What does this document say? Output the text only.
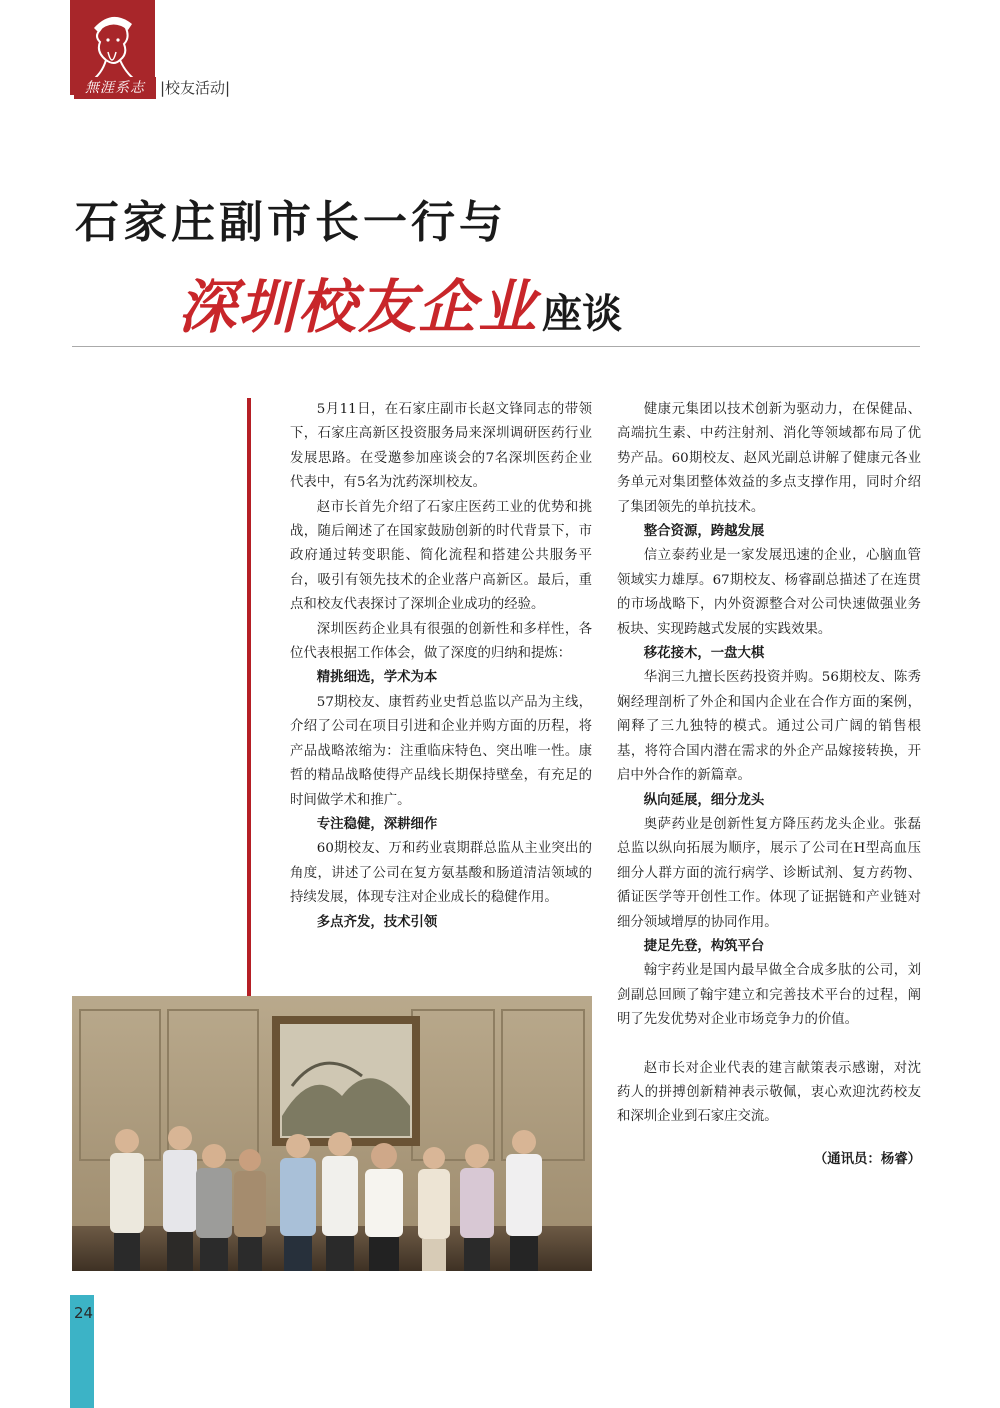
無涯系志	|校友活动|
石家庄副市长一行与
深圳校友企业 座谈

5月11日，在石家庄副市长赵文锋同志的带领下，石家庄高新区投资服务局来深圳调研医药行业发展思路。在受邀参加座谈会的7名深圳医药企业代表中，有5名为沈药深圳校友。

赵市长首先介绍了石家庄医药工业的优势和挑战，随后阐述了在国家鼓励创新的时代背景下，市政府通过转变职能、简化流程和搭建公共服务平台，吸引有领先技术的企业落户高新区。最后，重点和校友代表探讨了深圳企业成功的经验。

深圳医药企业具有很强的创新性和多样性，各位代表根据工作体会，做了深度的归纳和提炼：

精挑细选，学术为本

57期校友、康哲药业史哲总监以产品为主线，介绍了公司在项目引进和企业并购方面的历程，将产品战略浓缩为：注重临床特色、突出唯一性。康哲的精品战略使得产品线长期保持壁垒，有充足的时间做学术和推广。

专注稳健，深耕细作

60期校友、万和药业袁期群总监从主业突出的角度，讲述了公司在复方氨基酸和肠道清洁领域的持续发展，体现专注对企业成长的稳健作用。

多点齐发，技术引领

健康元集团以技术创新为驱动力，在保健品、高端抗生素、中药注射剂、消化等领域都布局了优势产品。60期校友、赵风光副总讲解了健康元各业务单元对集团整体效益的多点支撑作用，同时介绍了集团领先的单抗技术。

整合资源，跨越发展

信立泰药业是一家发展迅速的企业，心脑血管领域实力雄厚。67期校友、杨睿副总描述了在连贯的市场战略下，内外资源整合对公司快速做强业务板块、实现跨越式发展的实践效果。

移花接木，一盘大棋

华润三九擅长医药投资并购。56期校友、陈秀娴经理剖析了外企和国内企业在合作方面的案例，阐释了三九独特的模式。通过公司广阔的销售根基，将符合国内潜在需求的外企产品嫁接转换，开启中外合作的新篇章。

纵向延展，细分龙头

奥萨药业是创新性复方降压药龙头企业。张磊总监以纵向拓展为顺序，展示了公司在H型高血压细分人群方面的流行病学、诊断试剂、复方药物、循证医学等开创性工作。体现了证据链和产业链对细分领域增厚的协同作用。

捷足先登，构筑平台

翰宇药业是国内最早做全合成多肽的公司，刘剑副总回顾了翰宇建立和完善技术平台的过程，阐明了先发优势对企业市场竞争力的价值。

赵市长对企业代表的建言献策表示感谢，对沈药人的拼搏创新精神表示敬佩，衷心欢迎沈药校友和深圳企业到石家庄交流。

（通讯员：杨睿）
24
